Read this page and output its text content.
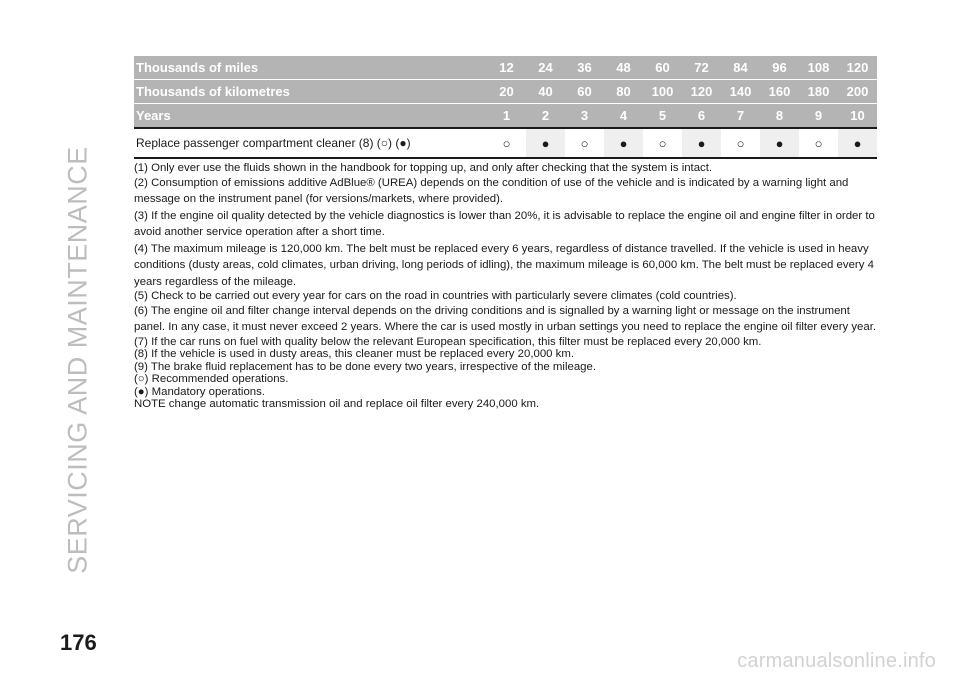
SERVICING AND MAINTENANCE
Thousands of miles	12	24	36	48	60	72	84	96	108	120
Thousands of kilometres	20	40	60	80	100	120	140	160	180	200
Years	1	2	3	4	5	6	7	8	9	10
Replace passenger compartment cleaner (8) (○) (●)	○	●	○	●	○	●	○	●	○	●

(1) Only ever use the fluids shown in the handbook for topping up, and only after checking that the system is intact.

(2) Consumption of emissions additive AdBlue® (UREA) depends on the condition of use of the vehicle and is indicated by a warning light and message on the instrument panel (for versions/markets, where provided).

(3) If the engine oil quality detected by the vehicle diagnostics is lower than 20%, it is advisable to replace the engine oil and engine filter in order to avoid another service operation after a short time.

(4) The maximum mileage is 120,000 km. The belt must be replaced every 6 years, regardless of distance travelled. If the vehicle is used in heavy conditions (dusty areas, cold climates, urban driving, long periods of idling), the maximum mileage is 60,000 km. The belt must be replaced every 4 years regardless of the mileage.

(5) Check to be carried out every year for cars on the road in countries with particularly severe climates (cold countries).

(6) The engine oil and filter change interval depends on the driving conditions and is signalled by a warning light or message on the instrument panel. In any case, it must never exceed 2 years. Where the car is used mostly in urban settings you need to replace the engine oil filter every year.

(7) If the car runs on fuel with quality below the relevant European specification, this filter must be replaced every 20,000 km.

(8) If the vehicle is used in dusty areas, this cleaner must be replaced every 20,000 km.

(9) The brake fluid replacement has to be done every two years, irrespective of the mileage.

(○) Recommended operations.

(●) Mandatory operations.

NOTE change automatic transmission oil and replace oil filter every 240,000 km.

176
carmanualsonline.info
